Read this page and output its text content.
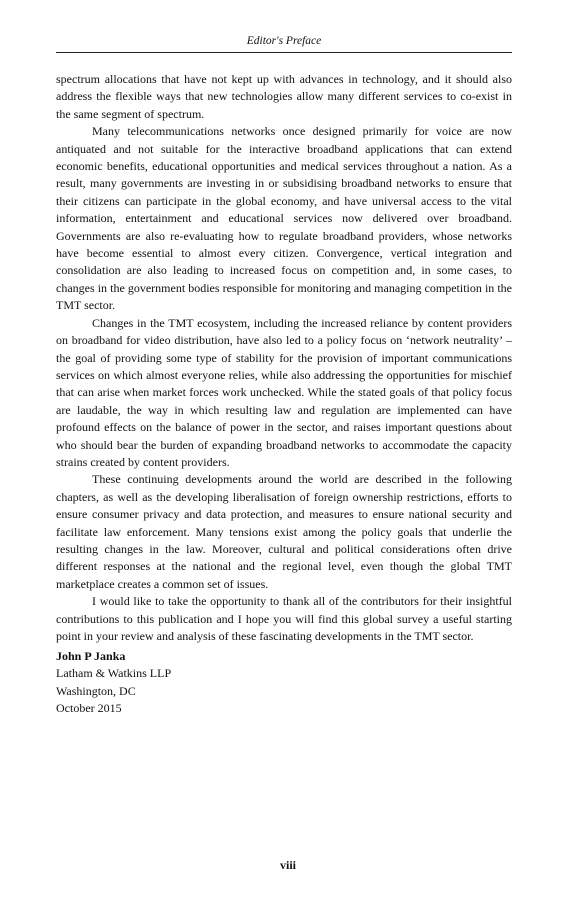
Editor's Preface

spectrum allocations that have not kept up with advances in technology, and it should also address the flexible ways that new technologies allow many different services to co-exist in the same segment of spectrum.

Many telecommunications networks once designed primarily for voice are now antiquated and not suitable for the interactive broadband applications that can extend economic benefits, educational opportunities and medical services throughout a nation. As a result, many governments are investing in or subsidising broadband networks to ensure that their citizens can participate in the global economy, and have universal access to the vital information, entertainment and educational services now delivered over broadband. Governments are also re-evaluating how to regulate broadband providers, whose networks have become essential to almost every citizen. Convergence, vertical integration and consolidation are also leading to increased focus on competition and, in some cases, to changes in the government bodies responsible for monitoring and managing competition in the TMT sector.

Changes in the TMT ecosystem, including the increased reliance by content providers on broadband for video distribution, have also led to a policy focus on ‘network neutrality’ – the goal of providing some type of stability for the provision of important communications services on which almost everyone relies, while also addressing the opportunities for mischief that can arise when market forces work unchecked. While the stated goals of that policy focus are laudable, the way in which resulting law and regulation are implemented can have profound effects on the balance of power in the sector, and raises important questions about who should bear the burden of expanding broadband networks to accommodate the capacity strains created by content providers.

These continuing developments around the world are described in the following chapters, as well as the developing liberalisation of foreign ownership restrictions, efforts to ensure consumer privacy and data protection, and measures to ensure national security and facilitate law enforcement. Many tensions exist among the policy goals that underlie the resulting changes in the law. Moreover, cultural and political considerations often drive different responses at the national and the regional level, even though the global TMT marketplace creates a common set of issues.

I would like to take the opportunity to thank all of the contributors for their insightful contributions to this publication and I hope you will find this global survey a useful starting point in your review and analysis of these fascinating developments in the TMT sector.

John P Janka
Latham & Watkins LLP
Washington, DC
October 2015
viii
